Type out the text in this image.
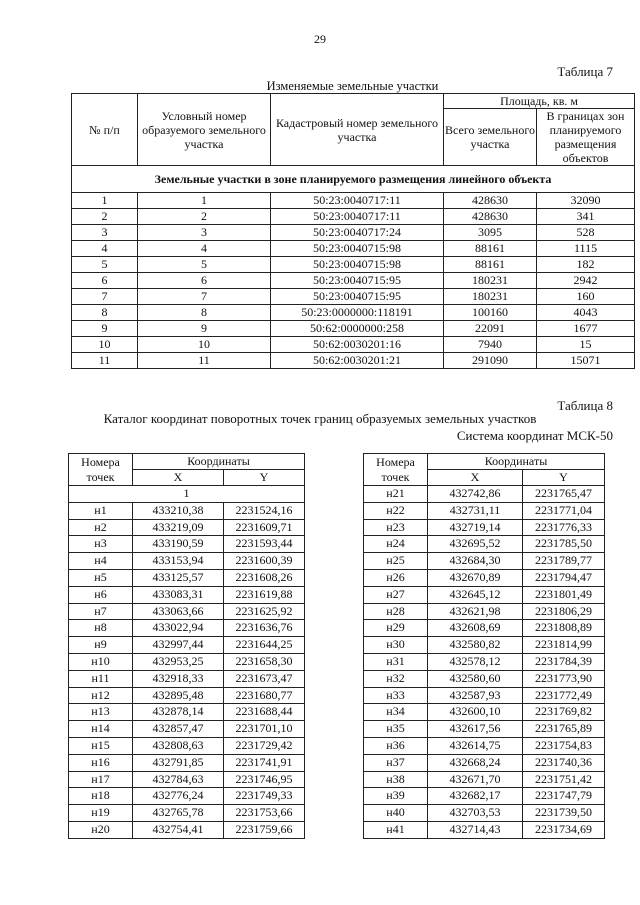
29
Таблица 7
Изменяемые земельные участки
№ п/п	Условный номер образуемого земельного участка	Кадастровый номер земельного участка	Площадь, кв. м	
			Всего земельного участка	В границах зон планируемого размещения объектов
Земельные участки в зоне планируемого размещения линейного объекта				
1	1	50:23:0040717:11	428630	32090
2	2	50:23:0040717:11	428630	341
3	3	50:23:0040717:24	3095	528
4	4	50:23:0040715:98	88161	1115
5	5	50:23:0040715:98	88161	182
6	6	50:23:0040715:95	180231	2942
7	7	50:23:0040715:95	180231	160
8	8	50:23:0000000:118191	100160	4043
9	9	50:62:0000000:258	22091	1677
10	10	50:62:0030201:16	7940	15
11	11	50:62:0030201:21	291090	15071
Таблица 8
Каталог координат поворотных точек границ образуемых земельных участков
Система координат МСК-50
Номера точек	Координаты	
	X	Y
1		
н1	433210,38	2231524,16
н2	433219,09	2231609,71
н3	433190,59	2231593,44
н4	433153,94	2231600,39
н5	433125,57	2231608,26
н6	433083,31	2231619,88
н7	433063,66	2231625,92
н8	433022,94	2231636,76
н9	432997,44	2231644,25
н10	432953,25	2231658,30
н11	432918,33	2231673,47
н12	432895,48	2231680,77
н13	432878,14	2231688,44
н14	432857,47	2231701,10
н15	432808,63	2231729,42
н16	432791,85	2231741,91
н17	432784,63	2231746,95
н18	432776,24	2231749,33
н19	432765,78	2231753,66
н20	432754,41	2231759,66
Номера точек	Координаты	
	X	Y
н21	432742,86	2231765,47
н22	432731,11	2231771,04
н23	432719,14	2231776,33
н24	432695,52	2231785,50
н25	432684,30	2231789,77
н26	432670,89	2231794,47
н27	432645,12	2231801,49
н28	432621,98	2231806,29
н29	432608,69	2231808,89
н30	432580,82	2231814,99
н31	432578,12	2231784,39
н32	432580,60	2231773,90
н33	432587,93	2231772,49
н34	432600,10	2231769,82
н35	432617,56	2231765,89
н36	432614,75	2231754,83
н37	432668,24	2231740,36
н38	432671,70	2231751,42
н39	432682,17	2231747,79
н40	432703,53	2231739,50
н41	432714,43	2231734,69
